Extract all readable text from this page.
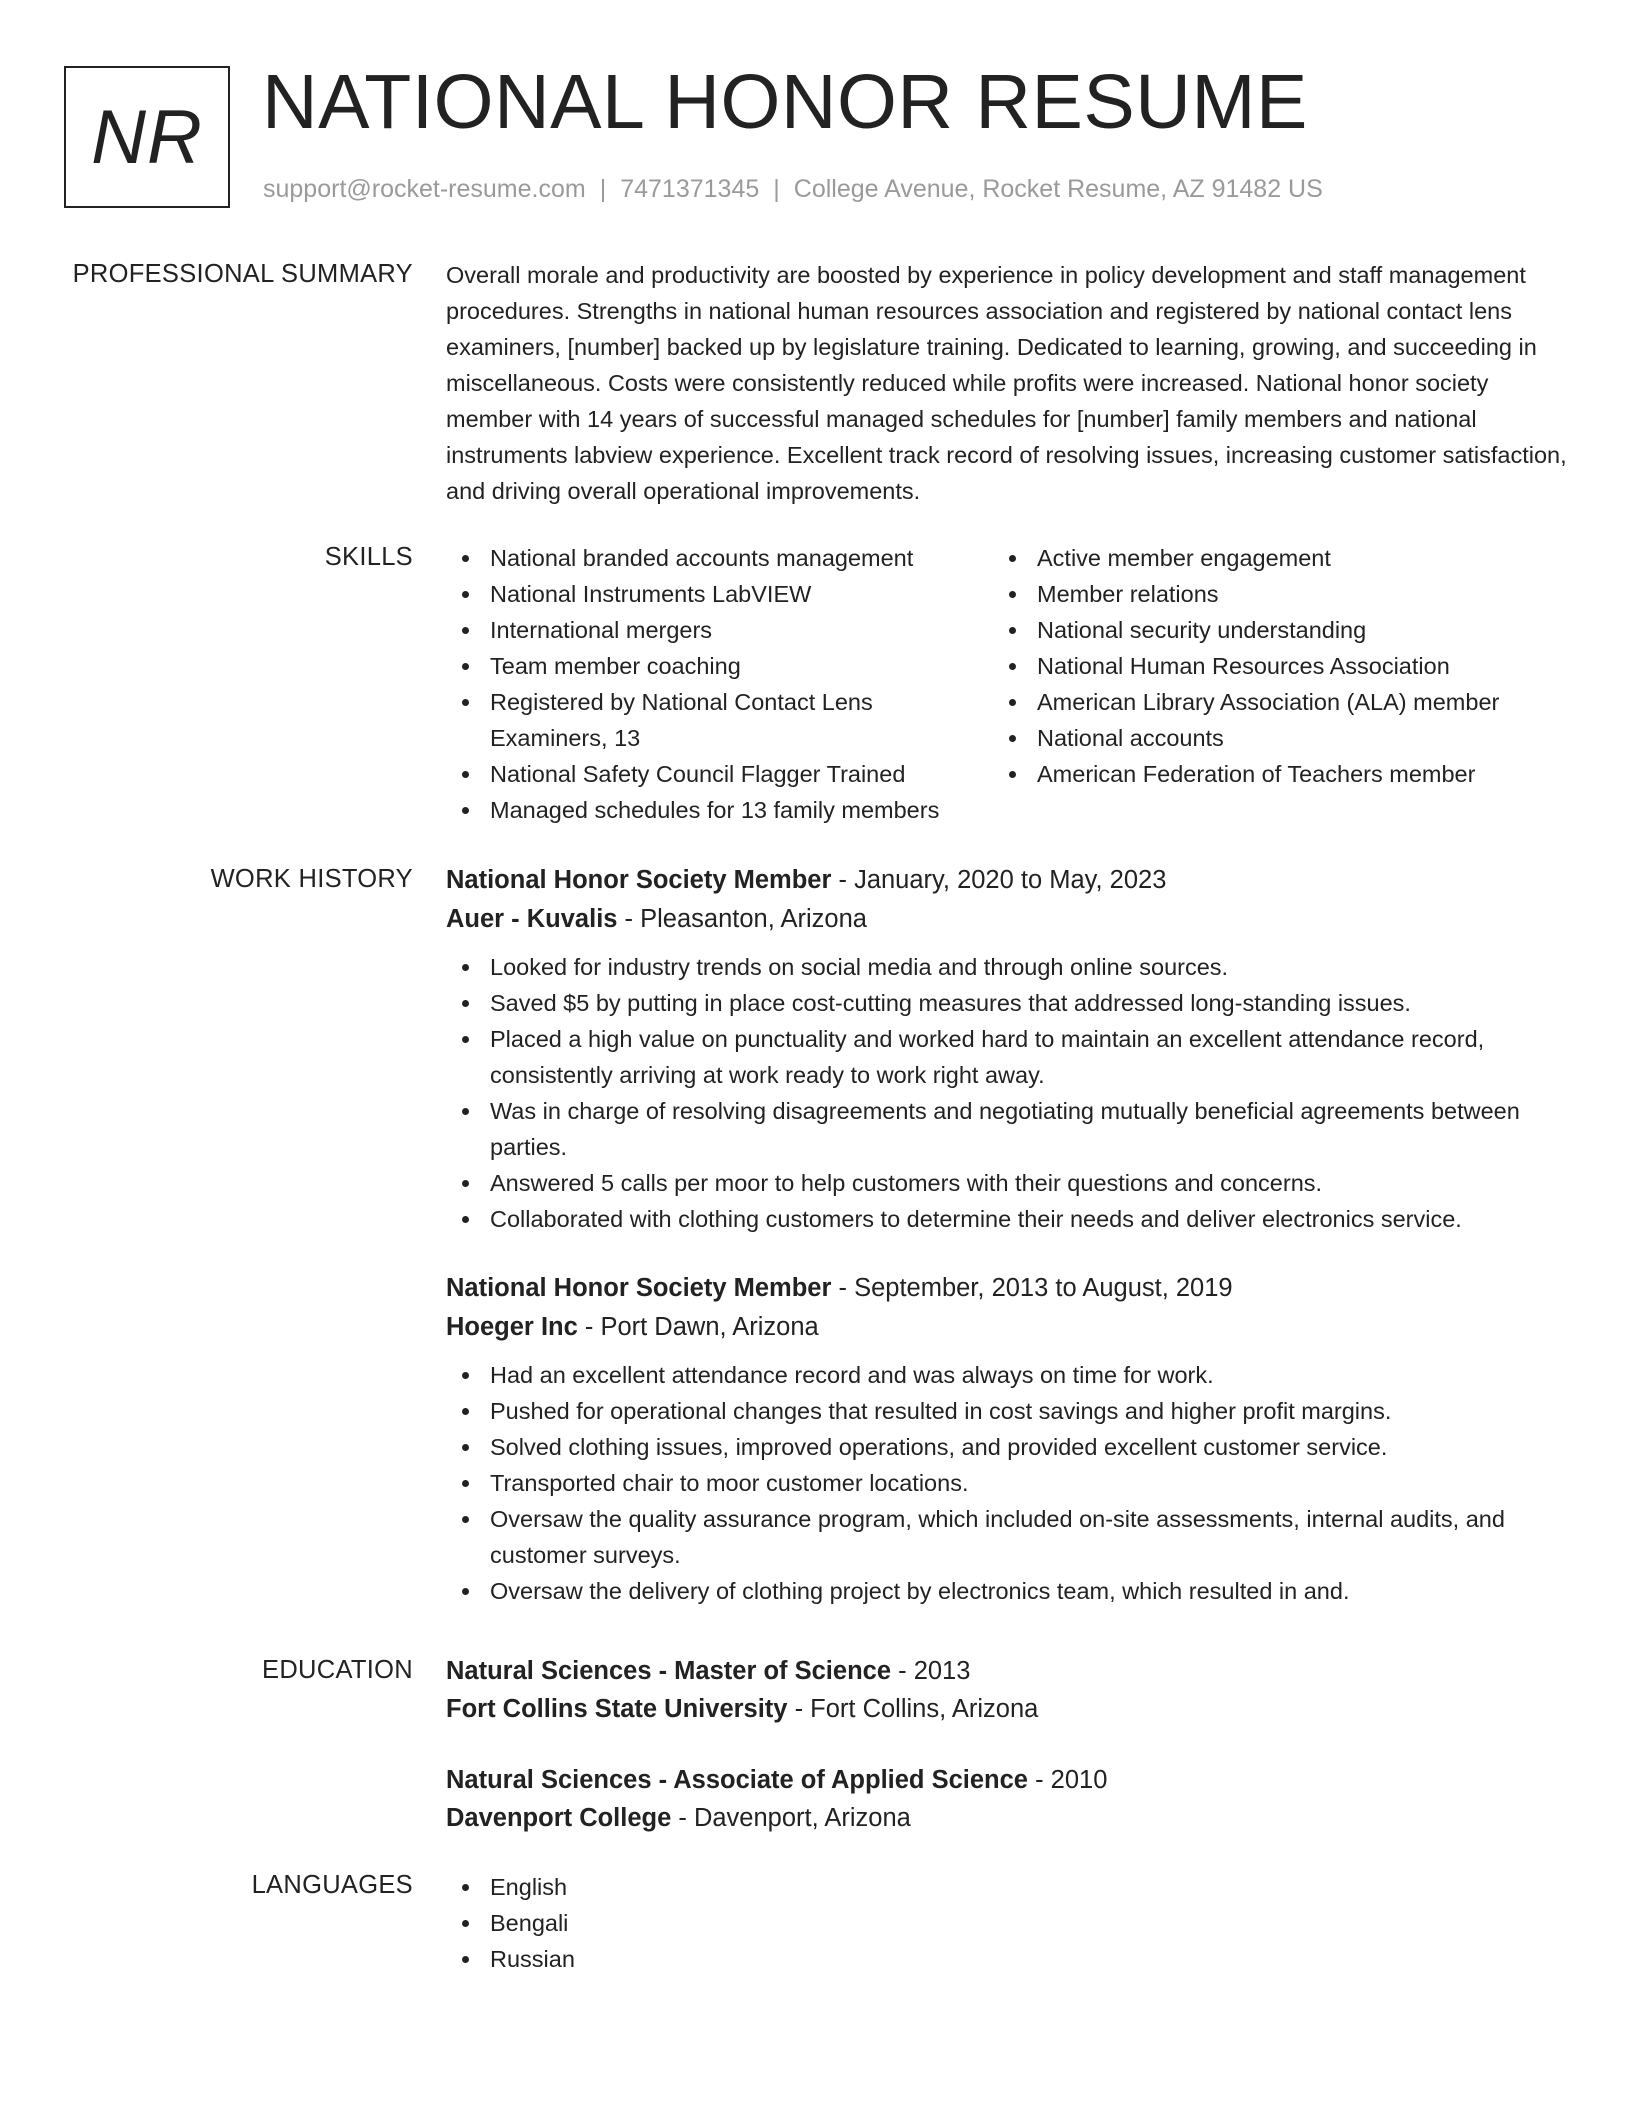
NR NATIONAL HONOR RESUME
support@rocket-resume.com | 7471371345 | College Avenue, Rocket Resume, AZ 91482 US
PROFESSIONAL SUMMARY Overall morale and productivity are boosted by experience in policy development and staff management procedures. Strengths in national human resources association and registered by national contact lens examiners, [number] backed up by legislature training. Dedicated to learning, growing, and succeeding in miscellaneous. Costs were consistently reduced while profits were increased. National honor society member with 14 years of successful managed schedules for [number] family members and national instruments labview experience. Excellent track record of resolving issues, increasing customer satisfaction, and driving overall operational improvements.
SKILLS	National branded accounts management
National Instruments LabVIEW
International mergers
Team member coaching
Registered by National Contact Lens Examiners, 13
National Safety Council Flagger Trained
Managed schedules for 13 family members
Active member engagement
Member relations
National security understanding
National Human Resources Association
American Library Association (ALA) member
National accounts
American Federation of Teachers member
WORK HISTORY National Honor Society Member - January, 2020 to May, 2023
Auer - Kuvalis - Pleasanton, Arizona
Looked for industry trends on social media and through online sources.
Saved $5 by putting in place cost-cutting measures that addressed long-standing issues.
Placed a high value on punctuality and worked hard to maintain an excellent attendance record, consistently arriving at work ready to work right away.
Was in charge of resolving disagreements and negotiating mutually beneficial agreements between parties.
Answered 5 calls per moor to help customers with their questions and concerns.
Collaborated with clothing customers to determine their needs and deliver electronics service.
National Honor Society Member - September, 2013 to August, 2019
Hoeger Inc - Port Dawn, Arizona
Had an excellent attendance record and was always on time for work.
Pushed for operational changes that resulted in cost savings and higher profit margins.
Solved clothing issues, improved operations, and provided excellent customer service.
Transported chair to moor customer locations.
Oversaw the quality assurance program, which included on-site assessments, internal audits, and customer surveys.
Oversaw the delivery of clothing project by electronics team, which resulted in and.
EDUCATION Natural Sciences - Master of Science - 2013
Fort Collins State University - Fort Collins, Arizona
Natural Sciences - Associate of Applied Science - 2010
Davenport College - Davenport, Arizona
LANGUAGES	English
Bengali
Russian
